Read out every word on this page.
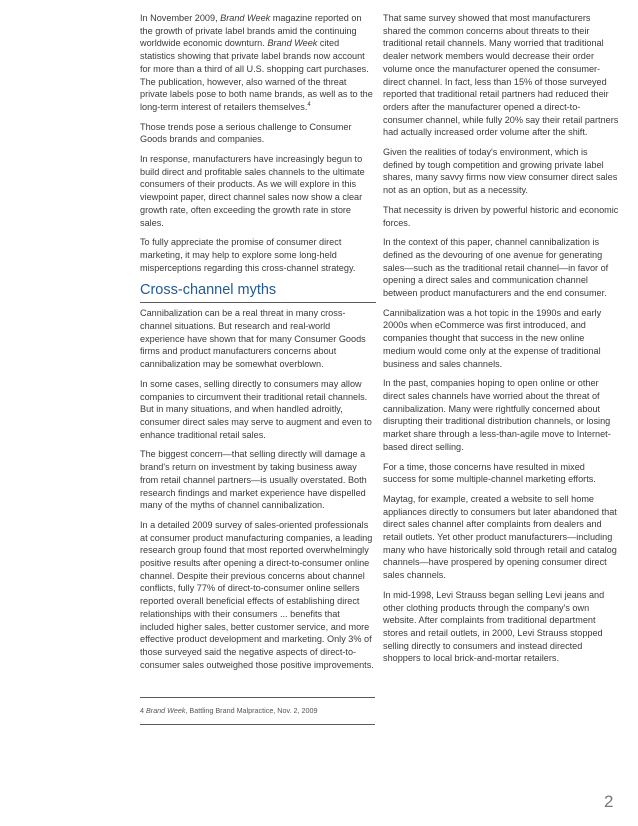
In November 2009, Brand Week magazine reported on the growth of private label brands amid the continuing worldwide economic downturn. Brand Week cited statistics showing that private label brands now account for more than a third of all U.S. shopping cart purchases. The publication, however, also warned of the threat private labels pose to both name brands, as well as to the long-term interest of retailers themselves.$^4$

Those trends pose a serious challenge to Consumer Goods brands and companies.

In response, manufacturers have increasingly begun to build direct and profitable sales channels to the ultimate consumers of their products. As we will explore in this viewpoint paper, direct channel sales now show a clear growth rate, often exceeding the growth rate in store sales.

To fully appreciate the promise of consumer direct marketing, it may help to explore some long-held misperceptions regarding this cross-channel strategy.

Cross-channel myths

Cannibalization can be a real threat in many cross-channel situations. But research and real-world experience have shown that for many Consumer Goods firms and product manufacturers concerns about cannibalization may be somewhat overblown.

In some cases, selling directly to consumers may allow companies to circumvent their traditional retail channels. But in many situations, and when handled adroitly, consumer direct sales may serve to augment and even to enhance traditional retail sales.

The biggest concern—that selling directly will damage a brand's return on investment by taking business away from retail channel partners—is usually overstated. Both research findings and market experience have dispelled many of the myths of channel cannibalization.

In a detailed 2009 survey of sales-oriented professionals at consumer product manufacturing companies, a leading research group found that most reported overwhelmingly positive results after opening a direct-to-consumer online channel. Despite their previous concerns about channel conflicts, fully 77% of direct-to-consumer online sellers reported overall beneficial effects of establishing direct relationships with their consumers ... benefits that included higher sales, better customer service, and more effective product development and marketing. Only 3% of those surveyed said the negative aspects of direct-to-consumer sales outweighed those positive improvements.

That same survey showed that most manufacturers shared the common concerns about threats to their traditional retail channels. Many worried that traditional dealer network members would decrease their order volume once the manufacturer opened the consumer-direct channel. In fact, less than 15% of those surveyed reported that traditional retail partners had reduced their orders after the manufacturer opened a direct-to-consumer channel, while fully 20% say their retail partners had actually increased order volume after the shift.

Given the realities of today's environment, which is defined by tough competition and growing private label shares, many savvy firms now view consumer direct sales not as an option, but as a necessity.

That necessity is driven by powerful historic and economic forces.

In the context of this paper, channel cannibalization is defined as the devouring of one avenue for generating sales—such as the traditional retail channel—in favor of opening a direct sales and communication channel between product manufacturers and the end consumer.

Cannibalization was a hot topic in the 1990s and early 2000s when eCommerce was first introduced, and companies thought that success in the new online medium would come only at the expense of traditional business and sales channels.

In the past, companies hoping to open online or other direct sales channels have worried about the threat of cannibalization. Many were rightfully concerned about disrupting their traditional distribution channels, or losing market share through a less-than-agile move to Internet-based direct selling.

For a time, those concerns have resulted in mixed success for some multiple-channel marketing efforts.

Maytag, for example, created a website to sell home appliances directly to consumers but later abandoned that direct sales channel after complaints from dealers and retail outlets. Yet other product manufacturers—including many who have historically sold through retail and catalog channels—have prospered by opening consumer direct sales channels.

In mid-1998, Levi Strauss began selling Levi jeans and other clothing products through the company's own website. After complaints from traditional department stores and retail outlets, in 2000, Levi Strauss stopped selling directly to consumers and instead directed shoppers to local brick-and-mortar retailers.

4 Brand Week, Battling Brand Malpractice, Nov. 2, 2009
2
